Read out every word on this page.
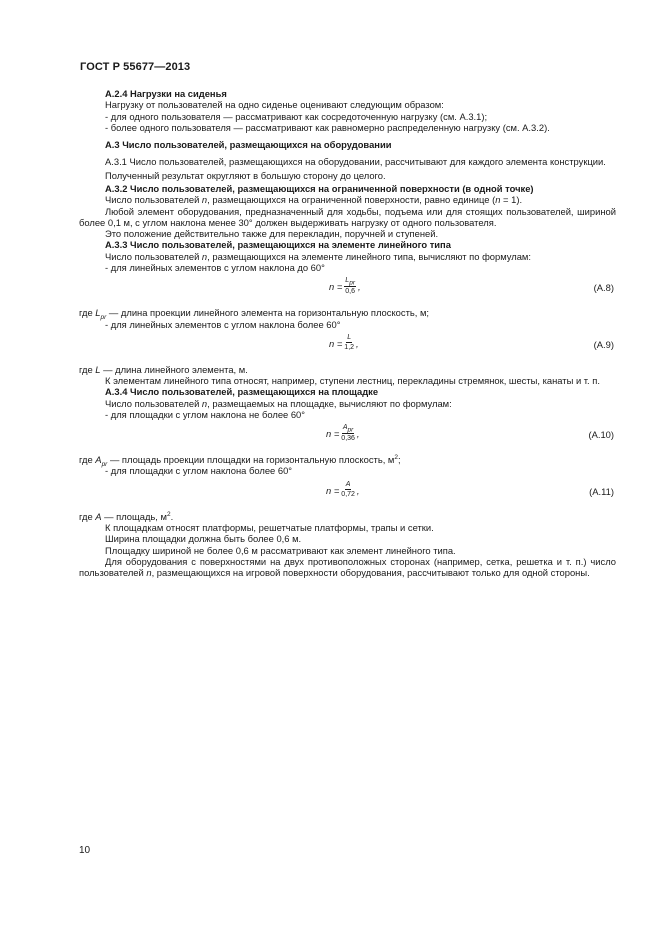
ГОСТ Р 55677—2013

А.2.4 Нагрузки на сиденья

Нагрузку от пользователей на одно сиденье оценивают следующим образом:

- для одного пользователя — рассматривают как сосредоточенную нагрузку (см. А.3.1);

- более одного пользователя — рассматривают как равномерно распределенную нагрузку (см. А.3.2).

А.3 Число пользователей, размещающихся на оборудовании

А.3.1 Число пользователей, размещающихся на оборудовании, рассчитывают для каждого элемента конструкции.

Полученный результат округляют в большую сторону до целого.

А.3.2 Число пользователей, размещающихся на ограниченной поверхности (в одной точке)

Число пользователей n, размещающихся на ограниченной поверхности, равно единице (n = 1).

Любой элемент оборудования, предназначенный для ходьбы, подъема или для стоящих пользователей, шириной более 0,1 м, с углом наклона менее 30° должен выдерживать нагрузку от одного пользователя.

Это положение действительно также для перекладин, поручней и ступеней.

А.3.3 Число пользователей, размещающихся на элементе линейного типа

Число пользователей n, размещающихся на элементе линейного типа, вычисляют по формулам:

- для линейных элементов с углом наклона до 60°

$n = \frac{L_{pr}}{0,6}$ ,	(А.8)

где $L_{pr}$ — длина проекции линейного элемента на горизонтальную плоскость, м;

- для линейных элементов с углом наклона более 60°

$n = \frac{L}{1,2}$ ,	(А.9)

где L — длина линейного элемента, м.

К элементам линейного типа относят, например, ступени лестниц, перекладины стремянок, шесты, канаты и т. п.

А.3.4 Число пользователей, размещающихся на площадке

Число пользователей n, размещаемых на площадке, вычисляют по формулам:

- для площадки с углом наклона не более 60°

$n = \frac{A_{pr}}{0,36}$ ,	(А.10)

где $A_{pr}$ — площадь проекции площадки на горизонтальную плоскость, $м^2$;

- для площадки с углом наклона более 60°

$n = \frac{A}{0,72}$ ,	(А.11)

где A — площадь, $м^2$.

К площадкам относят платформы, решетчатые платформы, трапы и сетки.

Ширина площадки должна быть более 0,6 м.

Площадку шириной не более 0,6 м рассматривают как элемент линейного типа.

Для оборудования с поверхностями на двух противоположных сторонах (например, сетка, решетка и т. п.) число пользователей n, размещающихся на игровой поверхности оборудования, рассчитывают только для одной стороны.

10
